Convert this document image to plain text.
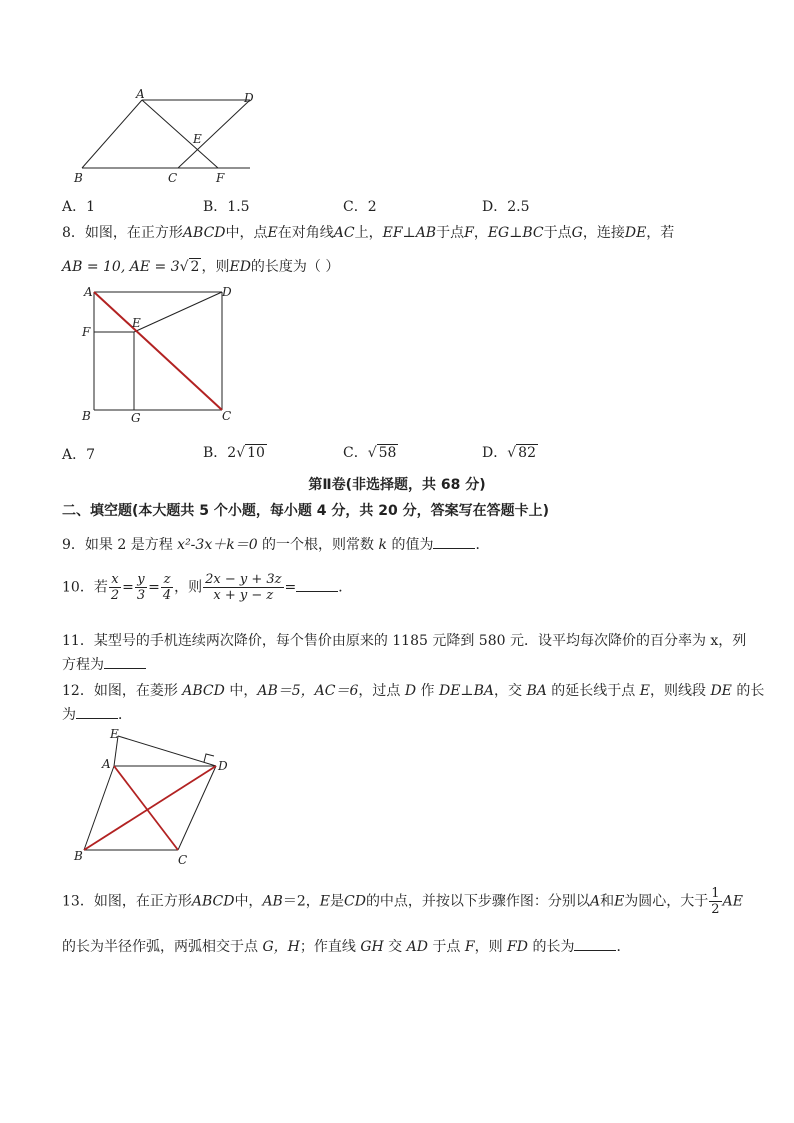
A	D
E
B	C	F
A．1	B．1.5	C．2	D．2.5
8．如图，在正方形ABCD中，点E在对角线AC上，EF⊥AB于点F，EG⊥BC于点G，连接DE，若
AB = 10, AE = 3√ 2 ，则ED的长度为（ ）
A	D
E
F
B	G	C
A．7	B．2√ 10	C．√ 58	D．√ 82
第Ⅱ卷(非选择题，共 68 分)
二、填空题(本大题共 5 个小题，每小题 4 分，共 20 分，答案写在答题卡上)
9．如果 2 是方程 x²-3x＋k＝0 的一个根，则常数 k 的值为	．
10．若 $\frac{x}{2} = \frac{y}{3} = \frac{z}{4}$ ，则 $\frac{2x - y + 3z}{x + y - z}$ =	．
11．某型号的手机连续两次降价，每个售价由原来的 1185 元降到 580 元．设平均每次降价的百分率为 x，列
方程为
12．如图，在菱形 ABCD 中，AB＝5，AC＝6，过点 D 作 DE⊥BA，交 BA 的延长线于点 E，则线段 DE 的长
为	．
E
A	D
B	C
13．如图，在正方形ABCD中，AB＝2，E是CD的中点，并按以下步骤作图：分别以A和E为圆心，大于 $\frac{1}{2}$ AE
的长为半径作弧，两弧相交于点 G，H；作直线 GH 交 AD 于点 F，则 FD 的长为	．
